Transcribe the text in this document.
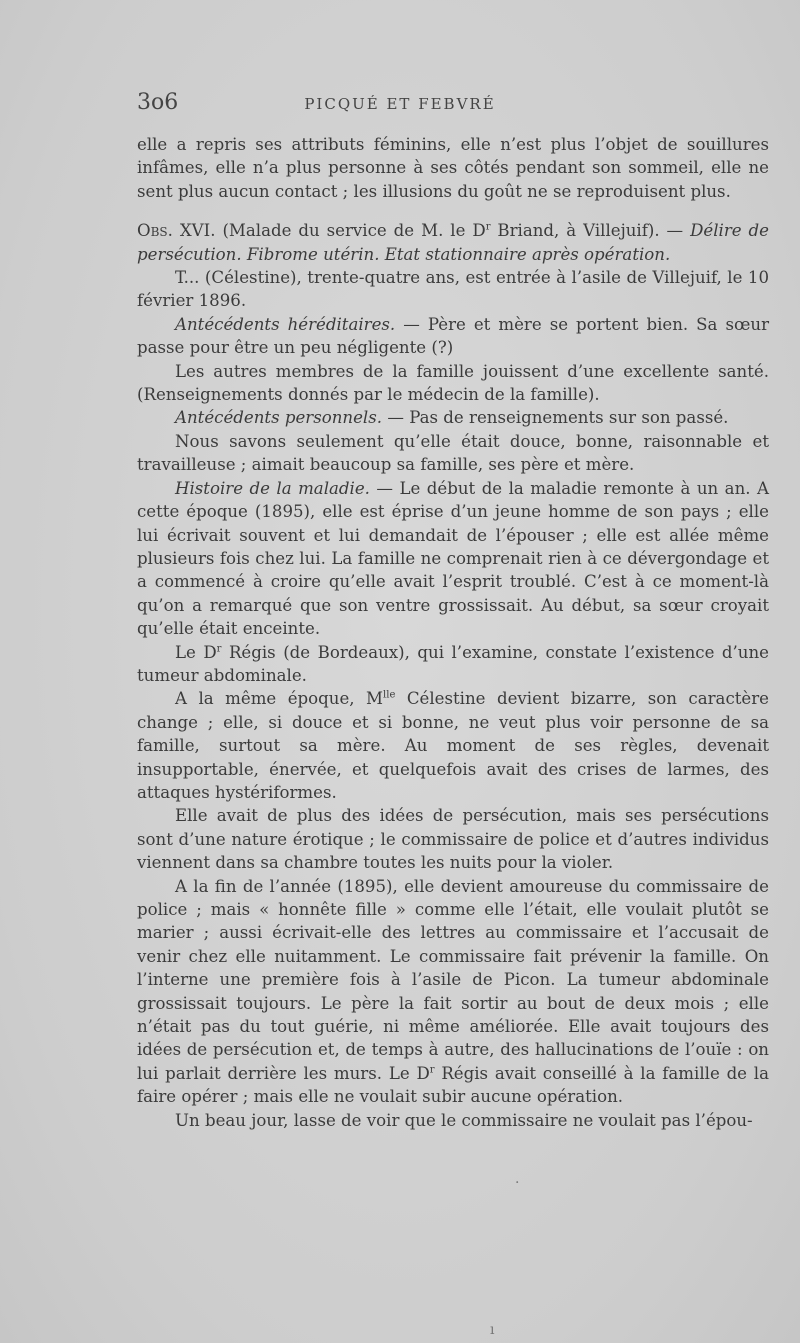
3o6	PICQUÉ ET FEBVRÉ

elle a repris ses attributs féminins, elle n’est plus l’objet de souillures infâmes, elle n’a plus personne à ses côtés pendant son sommeil, elle ne sent plus aucun contact ; les illusions du goût ne se reproduisent plus.

Obs. XVI. (Malade du service de M. le $D^r$ Briand, à Villejuif). — Délire de persécution. Fibrome utérin. Etat stationnaire après opération.

T... (Célestine), trente-quatre ans, est entrée à l’asile de Villejuif, le 10 février 1896.

Antécédents héréditaires. — Père et mère se portent bien. Sa sœur passe pour être un peu négligente (?)

Les autres membres de la famille jouissent d’une excellente santé. (Renseignements donnés par le médecin de la famille).

Antécédents personnels. — Pas de renseignements sur son passé.

Nous savons seulement qu’elle était douce, bonne, raisonnable et travailleuse ; aimait beaucoup sa famille, ses père et mère.

Histoire de la maladie. — Le début de la maladie remonte à un an. A cette époque (1895), elle est éprise d’un jeune homme de son pays ; elle lui écrivait souvent et lui demandait de l’épouser ; elle est allée même plusieurs fois chez lui. La famille ne comprenait rien à ce dévergondage et a commencé à croire qu’elle avait l’esprit troublé. C’est à ce moment-là qu’on a remarqué que son ventre grossissait. Au début, sa sœur croyait qu’elle était enceinte.

Le $D^r$ Régis (de Bordeaux), qui l’examine, constate l’existence d’une tumeur abdominale.

A la même époque, $M^{lle}$ Célestine devient bizarre, son caractère change ; elle, si douce et si bonne, ne veut plus voir personne de sa famille, surtout sa mère. Au moment de ses règles, devenait insupportable, énervée, et quelquefois avait des crises de larmes, des attaques hystériformes.

Elle avait de plus des idées de persécution, mais ses persécutions sont d’une nature érotique ; le commissaire de police et d’autres individus viennent dans sa chambre toutes les nuits pour la violer.

A la fin de l’année (1895), elle devient amoureuse du commissaire de police ; mais « honnête fille » comme elle l’était, elle voulait plutôt se marier ; aussi écrivait-elle des lettres au commissaire et l’accusait de venir chez elle nuitamment. Le commissaire fait prévenir la famille. On l’interne une première fois à l’asile de Picon. La tumeur abdominale grossissait toujours. Le père la fait sortir au bout de deux mois ; elle n’était pas du tout guérie, ni même améliorée. Elle avait toujours des idées de persécution et, de temps à autre, des hallucinations de l’ouïe : on lui parlait derrière les murs. Le $D^r$ Régis avait conseillé à la famille de la faire opérer ; mais elle ne voulait subir aucune opération.

Un beau jour, lasse de voir que le commissaire ne voulait pas l’épou-

·
ı
